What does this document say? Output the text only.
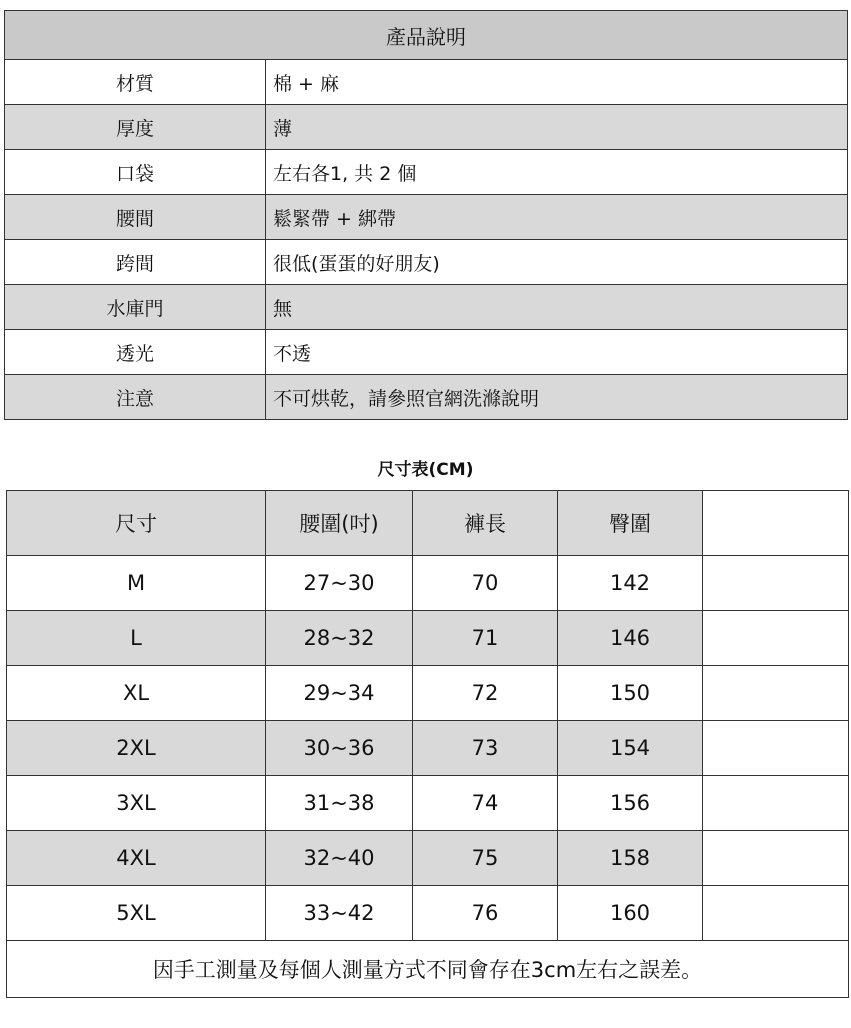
產品說明	
材質	棉 + 麻
厚度	薄
口袋	左右各1, 共 2 個
腰間	鬆緊帶 + 綁帶
跨間	很低(蛋蛋的好朋友)
水庫門	無
透光	不透
注意	不可烘乾，請參照官網洗滌說明
尺寸表(CM)
尺寸	腰圍(吋)	褲長	臀圍	
M	27~30	70	142	
L	28~32	71	146	
XL	29~34	72	150	
2XL	30~36	73	154	
3XL	31~38	74	156	
4XL	32~40	75	158	
5XL	33~42	76	160	
因手工測量及每個人測量方式不同會存在3cm左右之誤差。				
